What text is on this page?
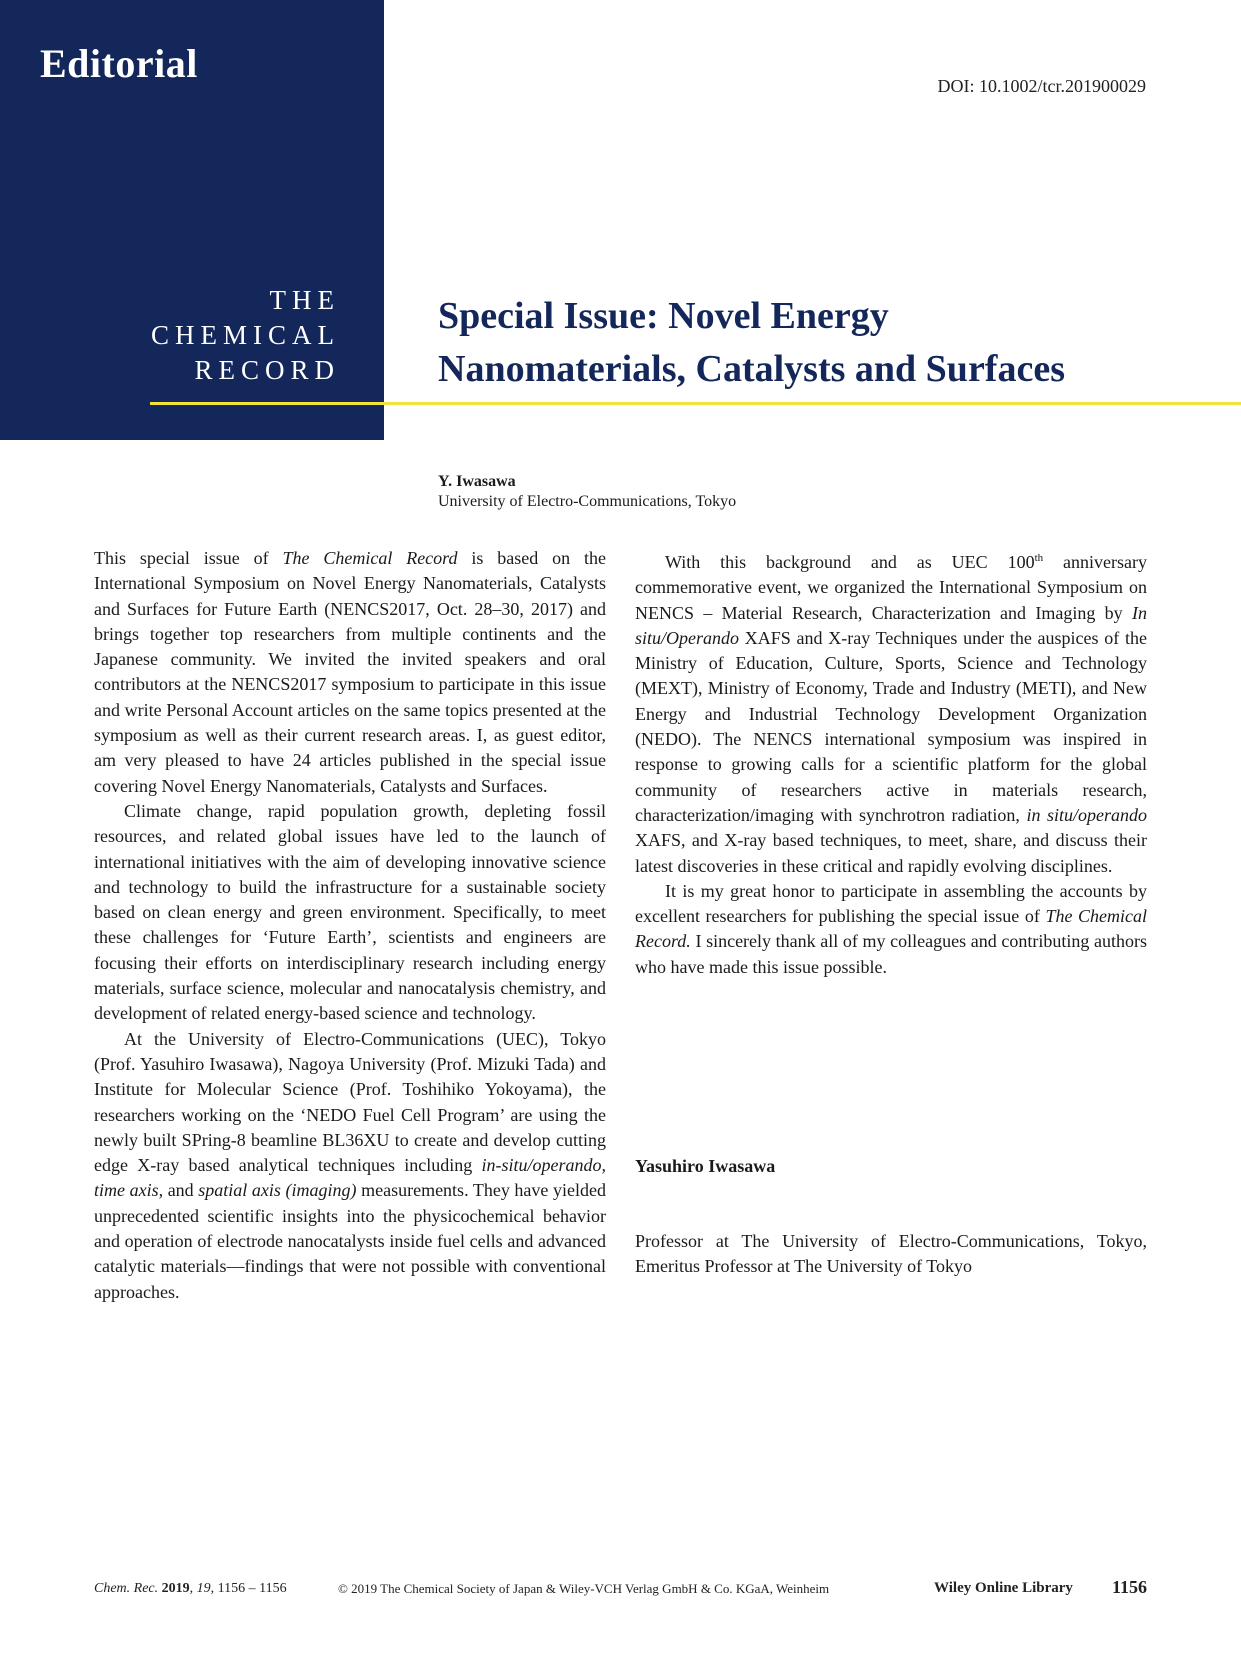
Editorial
THE
CHEMICAL
RECORD
DOI: 10.1002/tcr.201900029
Special Issue: Novel Energy
Nanomaterials, Catalysts and Surfaces
Y. Iwasawa
University of Electro-Communications, Tokyo

This special issue of The Chemical Record is based on the International Symposium on Novel Energy Nanomaterials, Catalysts and Surfaces for Future Earth (NENCS2017, Oct. 28–30, 2017) and brings together top researchers from multiple continents and the Japanese community. We invited the invited speakers and oral contributors at the NENCS2017 symposium to participate in this issue and write Personal Account articles on the same topics presented at the symposium as well as their current research areas. I, as guest editor, am very pleased to have 24 articles published in the special issue covering Novel Energy Nanomaterials, Catalysts and Surfaces.

Climate change, rapid population growth, depleting fossil resources, and related global issues have led to the launch of international initiatives with the aim of developing innovative science and technology to build the infrastructure for a sustainable society based on clean energy and green environment. Specifically, to meet these challenges for ‘Future Earth’, scientists and engineers are focusing their efforts on interdisciplinary research including energy materials, surface science, molecular and nanocatalysis chemistry, and development of related energy-based science and technology.

At the University of Electro-Communications (UEC), Tokyo (Prof. Yasuhiro Iwasawa), Nagoya University (Prof. Mizuki Tada) and Institute for Molecular Science (Prof. Toshihiko Yokoyama), the researchers working on the ‘NEDO Fuel Cell Program’ are using the newly built SPring-8 beamline BL36XU to create and develop cutting edge X-ray based analytical techniques including in-situ/operando, time axis, and spatial axis (imaging) measurements. They have yielded unprecedented scientific insights into the physicochemical behavior and operation of electrode nanocatalysts inside fuel cells and advanced catalytic materials—findings that were not possible with conventional approaches.

With this background and as UEC 100th anniversary commemorative event, we organized the International Symposium on NENCS – Material Research, Characterization and Imaging by In situ/Operando XAFS and X-ray Techniques under the auspices of the Ministry of Education, Culture, Sports, Science and Technology (MEXT), Ministry of Economy, Trade and Industry (METI), and New Energy and Industrial Technology Development Organization (NEDO). The NENCS international symposium was inspired in response to growing calls for a scientific platform for the global community of researchers active in materials research, characterization/imaging with synchrotron radiation, in situ/operando XAFS, and X-ray based techniques, to meet, share, and discuss their latest discoveries in these critical and rapidly evolving disciplines.

It is my great honor to participate in assembling the accounts by excellent researchers for publishing the special issue of The Chemical Record. I sincerely thank all of my colleagues and contributing authors who have made this issue possible.

Yasuhiro Iwasawa
Professor at The University of Electro-Communications, Tokyo, Emeritus Professor at The University of Tokyo
Chem. Rec. 2019, 19, 1156 – 1156	© 2019 The Chemical Society of Japan & Wiley-VCH Verlag GmbH & Co. KGaA, Weinheim	Wiley Online Library 1156
